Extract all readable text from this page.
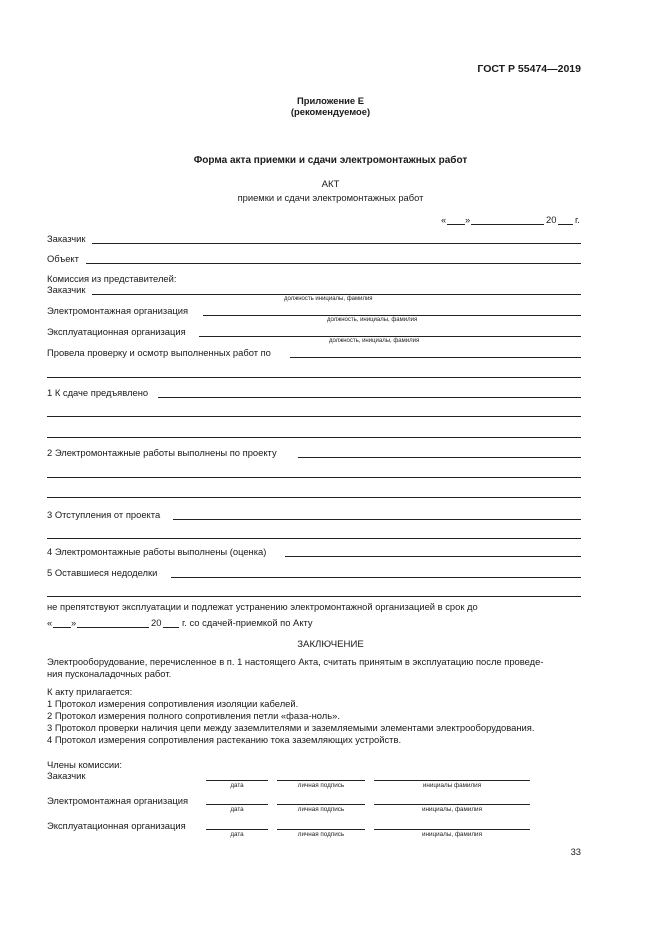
ГОСТ Р 55474—2019
Приложение Е
(рекомендуемое)
Форма акта приемки и сдачи электромонтажных работ
АКТ
приемки и сдачи электромонтажных работ
« »	20 г.
Заказчик
Объект
Комиссия из представителей:
Заказчик
должность инициалы, фамилия
Электромонтажная организация
должность, инициалы, фамилия
Эксплуатационная организация
должность, инициалы, фамилия
Провела проверку и осмотр выполненных работ по
1 К сдаче предъявлено
2 Электромонтажные работы выполнены по проекту
3 Отступления от проекта
4 Электромонтажные работы выполнены (оценка)
5 Оставшиеся недоделки
не препятствуют эксплуатации и подлежат устранению электромонтажной организацией в срок до
« »	20 г. со сдачей-приемкой по Акту
ЗАКЛЮЧЕНИЕ
Электрооборудование, перечисленное в п. 1 настоящего Акта, считать принятым в эксплуатацию после проведе-
ния пусконаладочных работ.
К акту прилагается:
1 Протокол измерения сопротивления изоляции кабелей.
2 Протокол измерения полного сопротивления петли «фаза-ноль».
3 Протокол проверки наличия цепи между заземлителями и заземляемыми элементами электрооборудования.
4 Протокол измерения сопротивления растеканию тока заземляющих устройств.
Члены комиссии:
Заказчик
дата	личная подпись	инициалы фамилия
Электромонтажная организация
дата	личная подпись	инициалы, фамилия
Эксплуатационная организация
дата	личная подпись	инициалы, фамилия
33
